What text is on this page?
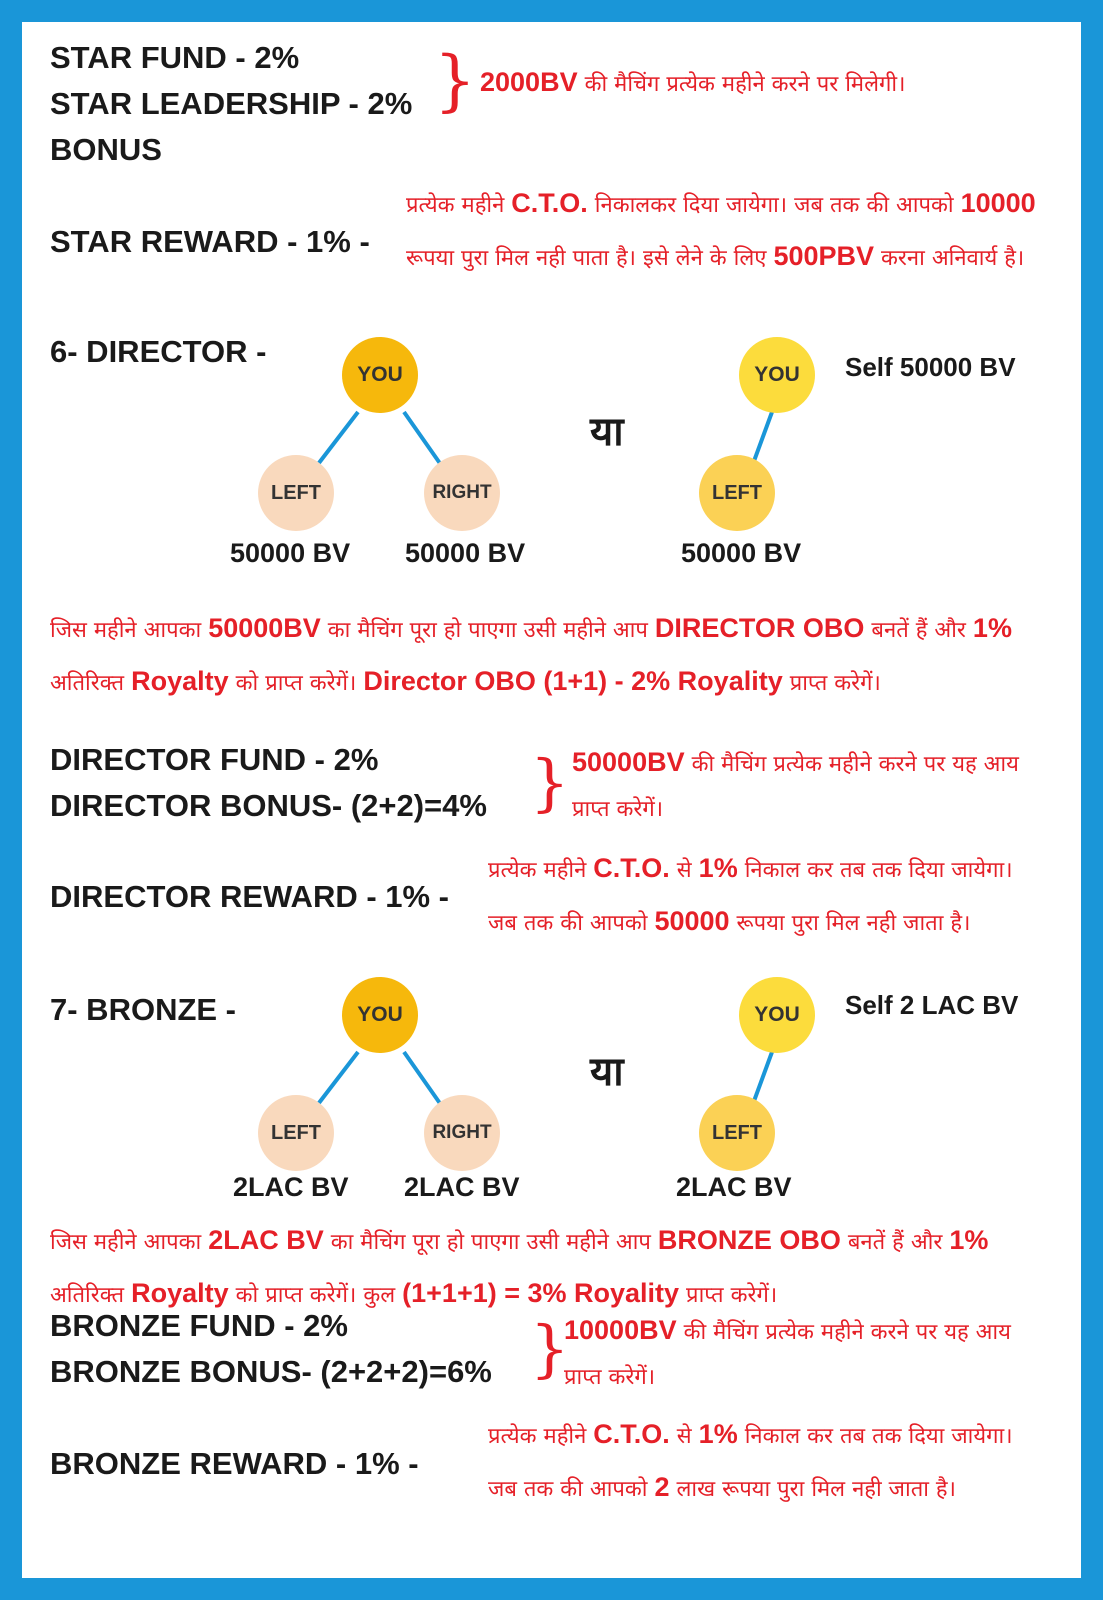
STAR FUND - 2%
STAR LEADERSHIP - 2%
BONUS
} 2000BV की मैचिंग प्रत्येक महीने करने पर मिलेगी।
STAR REWARD - 1% -
प्रत्येक महीने C.T.O. निकालकर दिया जायेगा। जब तक की आपको 10000 रूपया पुरा मिल नही पाता है। इसे लेने के लिए 500PBV करना अनिवार्य है।
6- DIRECTOR -
YOU
LEFT	RIGHT
50000 BV 50000 BV
या
YOU
LEFT
Self 50000 BV
50000 BV
जिस महीने आपका 50000BV का मैचिंग पूरा हो पाएगा उसी महीने आप DIRECTOR OBO बनतें हैं और 1% अतिरिक्त Royalty को प्राप्त करेगें। Director OBO (1+1) - 2% Royality प्राप्त करेगें।
DIRECTOR FUND - 2%
DIRECTOR BONUS- (2+2)=4% } 50000BV की मैचिंग प्रत्येक महीने करने पर यह आय प्राप्त करेगें।
DIRECTOR REWARD - 1% -
प्रत्येक महीने C.T.O. से 1% निकाल कर तब तक दिया जायेगा। जब तक की आपको 50000 रूपया पुरा मिल नही जाता है।
7- BRONZE -	YOU
LEFT	RIGHT
2LAC BV 2LAC BV
या
YOU
LEFT
Self 2 LAC BV
2LAC BV
जिस महीने आपका 2LAC BV का मैचिंग पूरा हो पाएगा उसी महीने आप BRONZE OBO बनतें हैं और 1% अतिरिक्त Royalty को प्राप्त करेगें। कुल (1+1+1) = 3% Royality प्राप्त करेगें।
BRONZE FUND - 2%
BRONZE BONUS- (2+2+2)=6% }
10000BV की मैचिंग प्रत्येक महीने करने पर यह आय प्राप्त करेगें।
BRONZE REWARD - 1% -
प्रत्येक महीने C.T.O. से 1% निकाल कर तब तक दिया जायेगा। जब तक की आपको 2 लाख रूपया पुरा मिल नही जाता है।
